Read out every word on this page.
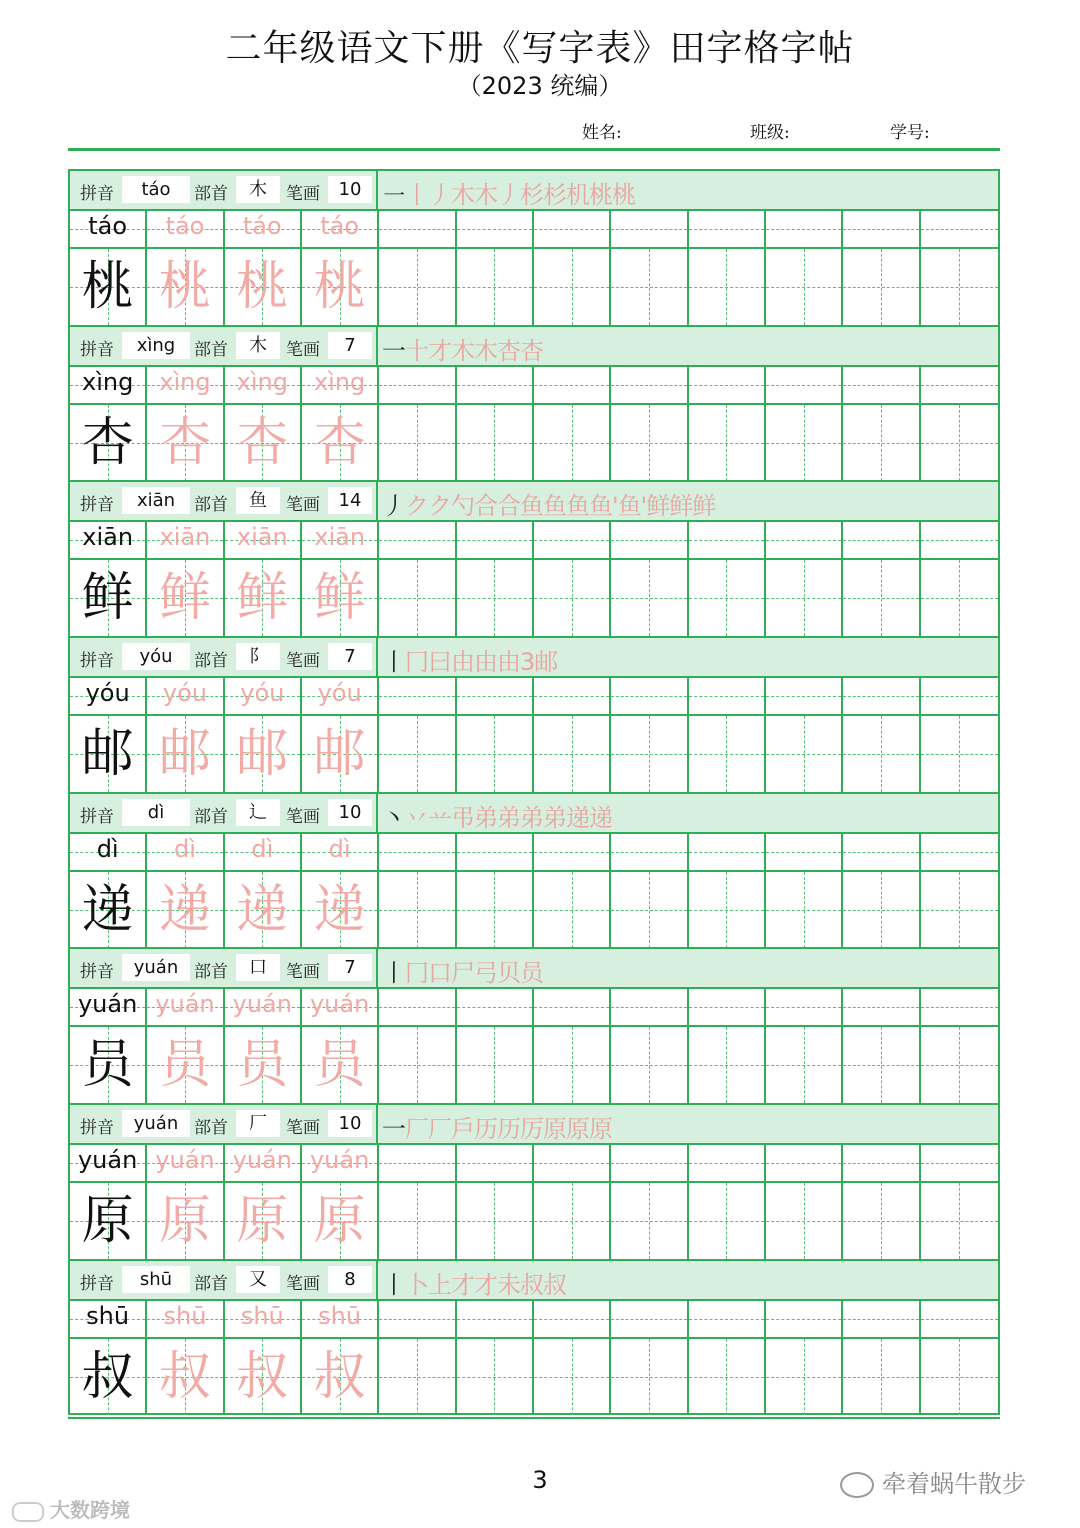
二年级语文下册《写字表》田字格字帖
（2023 统编）
姓名:	班级:	学号:
拼音	táo	部首	木	笔画	10 ㇐丨丿木木丿杉杉机桃桃
táo	táo	táo	táo
桃 桃 桃 桃
拼音	xìng	部首	木	笔画	7	一十才木木杏杏
xìng	xìng	xìng	xìng
杏 杏 杏 杏
拼音	xiān	部首	鱼	笔画	14 丿クク勺合合鱼鱼鱼鱼'鱼'鲜鲜鲜
xiān	xiān	xiān	xiān
鲜 鲜 鲜 鲜
拼音	yóu	部首	阝	笔画	7	丨冂曰由由由3邮
yóu	yóu	yóu	yóu
邮 邮 邮 邮
拼音	dì	部首	辶	笔画	10 丶丷䒑弔弟弟弟弟递递
dì	dì	dì	dì
递 递 递 递
拼音	yuán 部首	口	笔画	7	丨冂口尸弓贝员
yuán yuán yuán yuán
员 员 员 员
拼音	yuán 部首	厂	笔画	10 一厂厂戶历历厉原原原
yuán yuán yuán yuán
原 原 原 原
拼音	shū	部首	又	笔画	8	丨卜上才才未叔叔
shū	shū	shū	shū
叔 叔 叔 叔
3	牵着蜗牛散步
大数跨境
